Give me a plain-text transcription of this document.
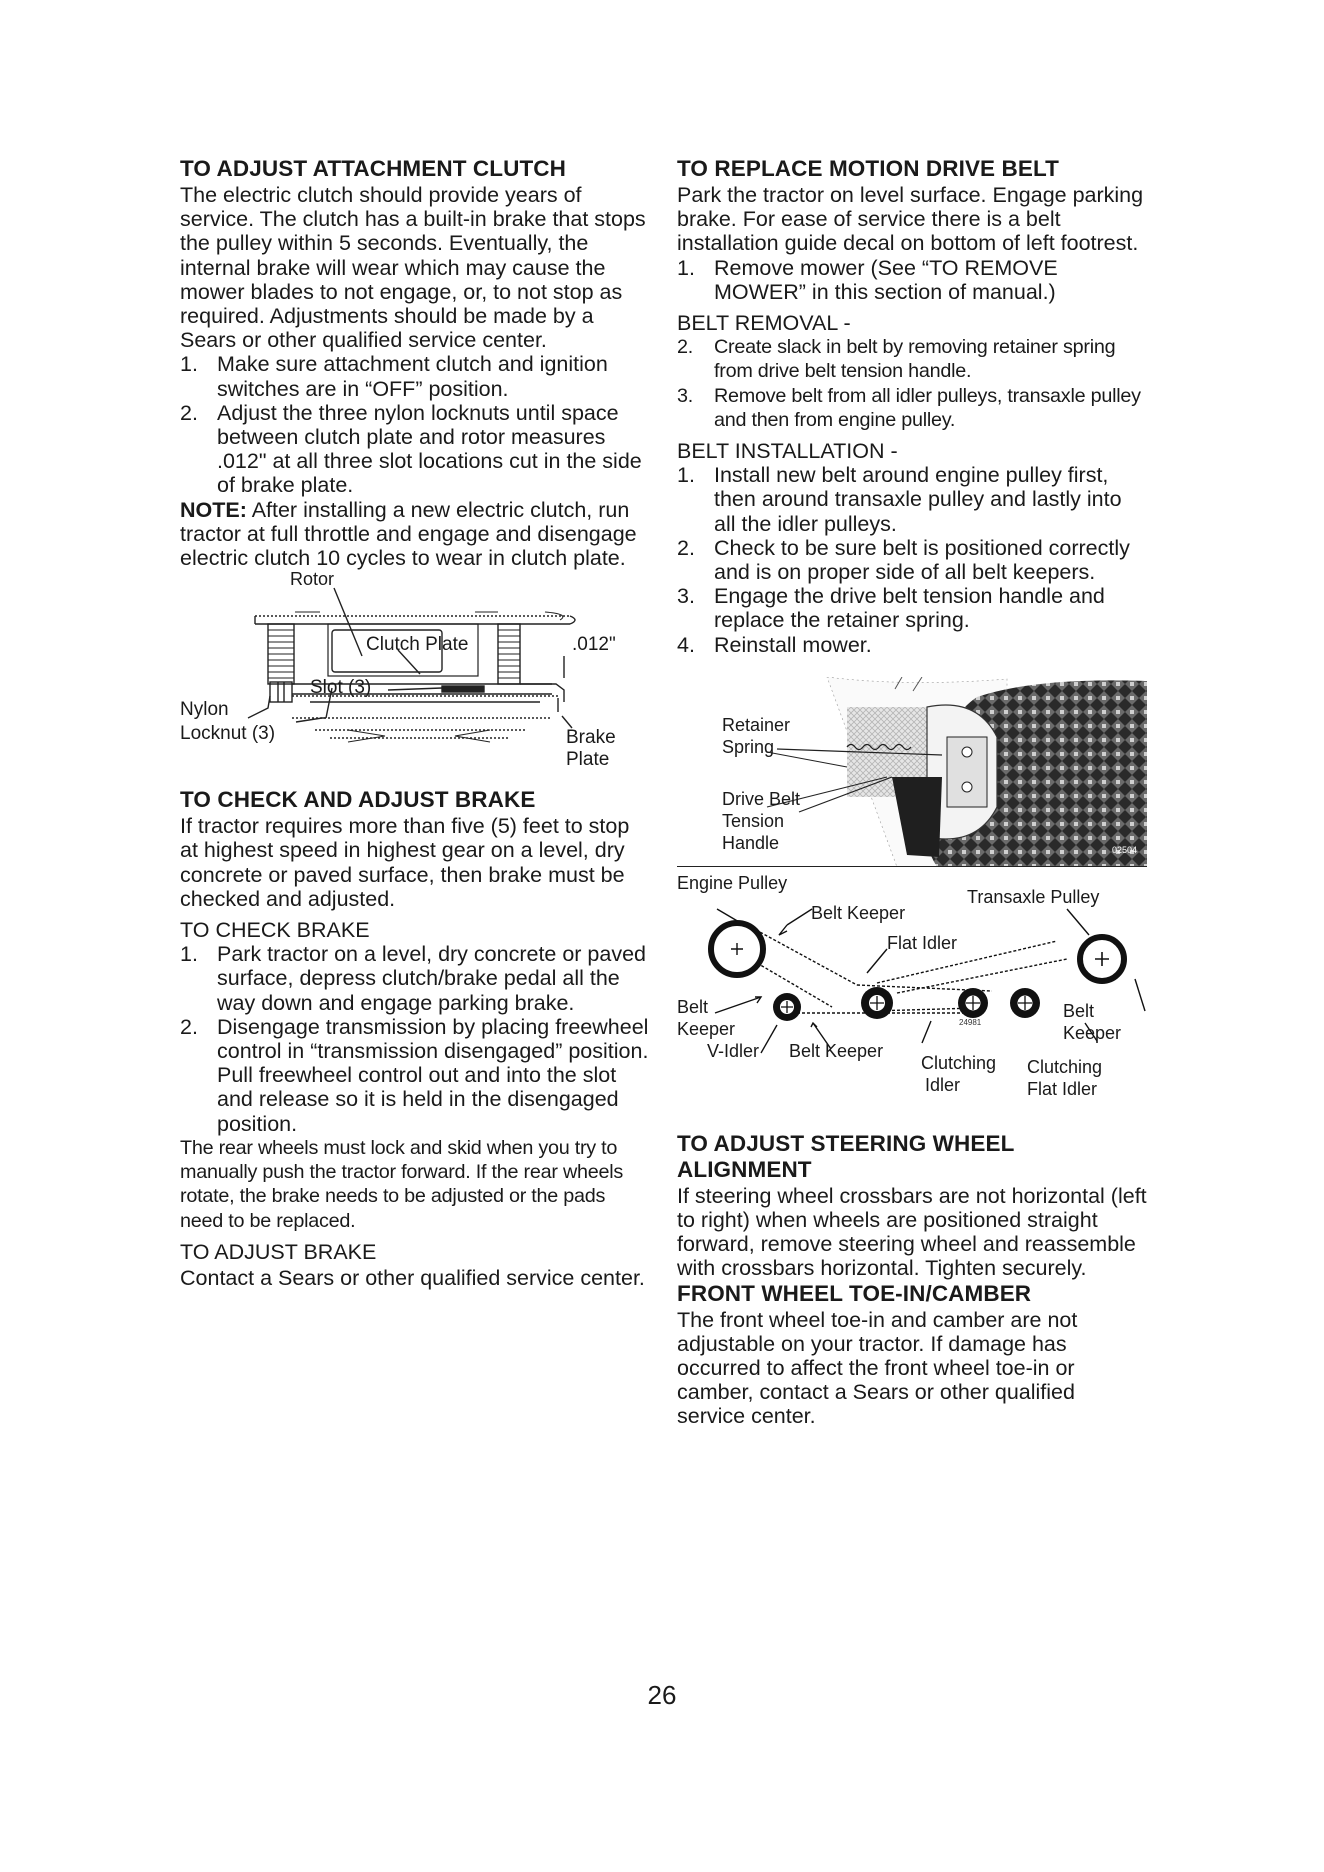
TO ADJUST ATTACHMENT CLUTCH

The electric clutch should provide years of service. The clutch has a built-in brake that stops the pulley within 5 seconds. Eventually, the internal brake will wear which may cause the mower blades to not engage, or, to not stop as required. Adjustments should be made by a Sears or other qualified service center.

1. Make sure attachment clutch and ignition switches are in “OFF” position.
2. Adjust the three nylon locknuts until space between clutch plate and rotor measures .012" at all three slot locations cut in the side of brake plate.

NOTE: After installing a new electric clutch, run tractor at full throttle and engage and disengage electric clutch 10 cycles to wear in clutch plate.

Rotor
Clutch Plate	.012"
Nylon
Slot (3)
Locknut (3)	Brake
Plate
TO CHECK AND ADJUST BRAKE

If tractor requires more than five (5) feet to stop at highest speed in highest gear on a level, dry concrete or paved surface, then brake must be checked and adjusted.

TO CHECK BRAKE

1. Park tractor on a level, dry concrete or paved surface, depress clutch/brake pedal all the way down and engage parking brake.
2. Disengage transmission by placing freewheel control in “transmission disengaged” position. Pull freewheel control out and into the slot and release so it is held in the disengaged position.

The rear wheels must lock and skid when you try to manually push the tractor forward. If the rear wheels rotate, the brake needs to be adjusted or the pads need to be replaced.

TO ADJUST BRAKE

Contact a Sears or other qualified service center.

TO REPLACE MOTION DRIVE BELT

Park the tractor on level surface. Engage parking brake. For ease of service there is a belt installation guide decal on bottom of left footrest.

1. Remove mower (See “TO REMOVE MOWER” in this section of manual.)

BELT REMOVAL -

2. Create slack in belt by removing retainer spring from drive belt tension handle.
3. Remove belt from all idler pulleys, transaxle pulley and then from engine pulley.

BELT INSTALLATION -

1. Install new belt around engine pulley first, then around transaxle pulley and lastly into all the idler pulleys.
2. Check to be sure belt is positioned correctly and is on proper side of all belt keepers.
3. Engage the drive belt tension handle and replace the retainer spring.
4. Reinstall mower.
02504
Retainer
Spring
Drive Belt
Tension
Handle
24981
Engine Pulley
Belt Keeper
Transaxle Pulley
Flat Idler
Belt
Keeper
V-Idler Belt Keeper
Clutching
Idler
Clutching
Flat Idler
Belt
Keeper
TO ADJUST STEERING WHEEL ALIGNMENT

If steering wheel crossbars are not horizontal (left to right) when wheels are positioned straight forward, remove steering wheel and reassemble with crossbars horizontal. Tighten securely.

FRONT WHEEL TOE-IN/CAMBER

The front wheel toe-in and camber are not adjustable on your tractor. If damage has occurred to affect the front wheel toe-in or camber, contact a Sears or other qualified service center.

26
